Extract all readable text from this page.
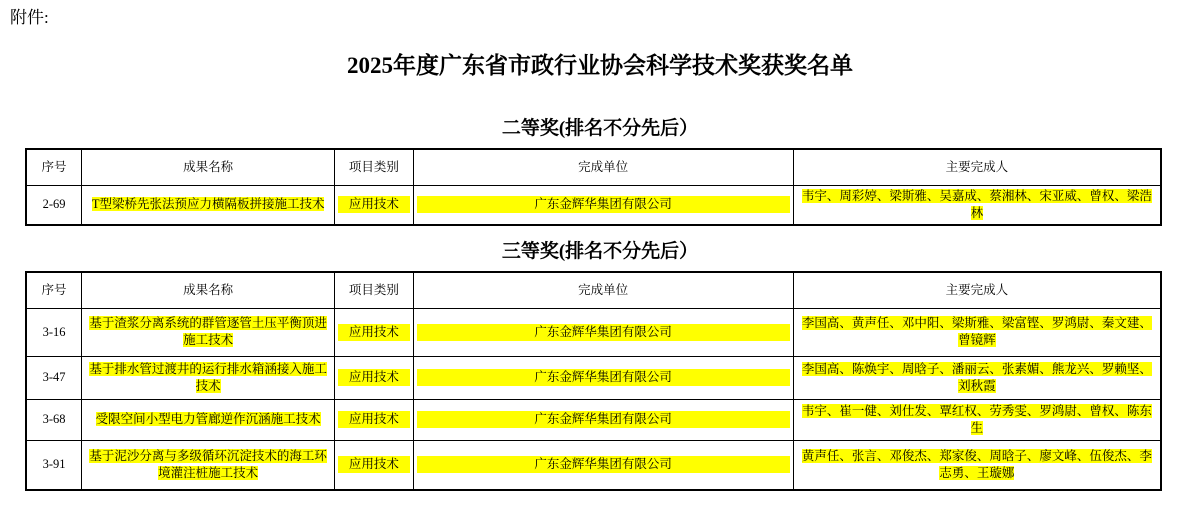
附件:
2025年度广东省市政行业协会科学技术奖获奖名单
二等奖(排名不分先后）
序号	成果名称	项目类别	完成单位	主要完成人
2-69	T型梁桥先张法预应力横隔板拼接施工技术	应用技术	广东金辉华集团有限公司	韦宇、周彩婷、梁斯雅、吴嘉成、蔡湘林、宋亚威、曾权、梁浩林
三等奖(排名不分先后）
序号	成果名称	项目类别	完成单位	主要完成人
3-16	基于渣浆分离系统的群管逐管土压平衡顶进施工技术	应用技术	广东金辉华集团有限公司	李国高、黄声任、邓中阳、梁斯雅、梁富铿、罗鸿尉、秦文建、曾镜辉
3-47	基于排水管过渡井的运行排水箱涵接入施工技术	应用技术	广东金辉华集团有限公司	李国高、陈焕宇、周晗子、潘丽云、张素媚、熊龙兴、罗赖坚、刘秋霞
3-68	受限空间小型电力管廊逆作沉涵施工技术	应用技术	广东金辉华集团有限公司	韦宇、崔一健、刘仕发、覃红权、劳秀雯、罗鸿尉、曾权、陈东生
3-91	基于泥沙分离与多级循环沉淀技术的海工环境灌注桩施工技术	应用技术	广东金辉华集团有限公司	黄声任、张言、邓俊杰、郑家俊、周晗子、廖文峰、伍俊杰、李志勇、王璇娜
